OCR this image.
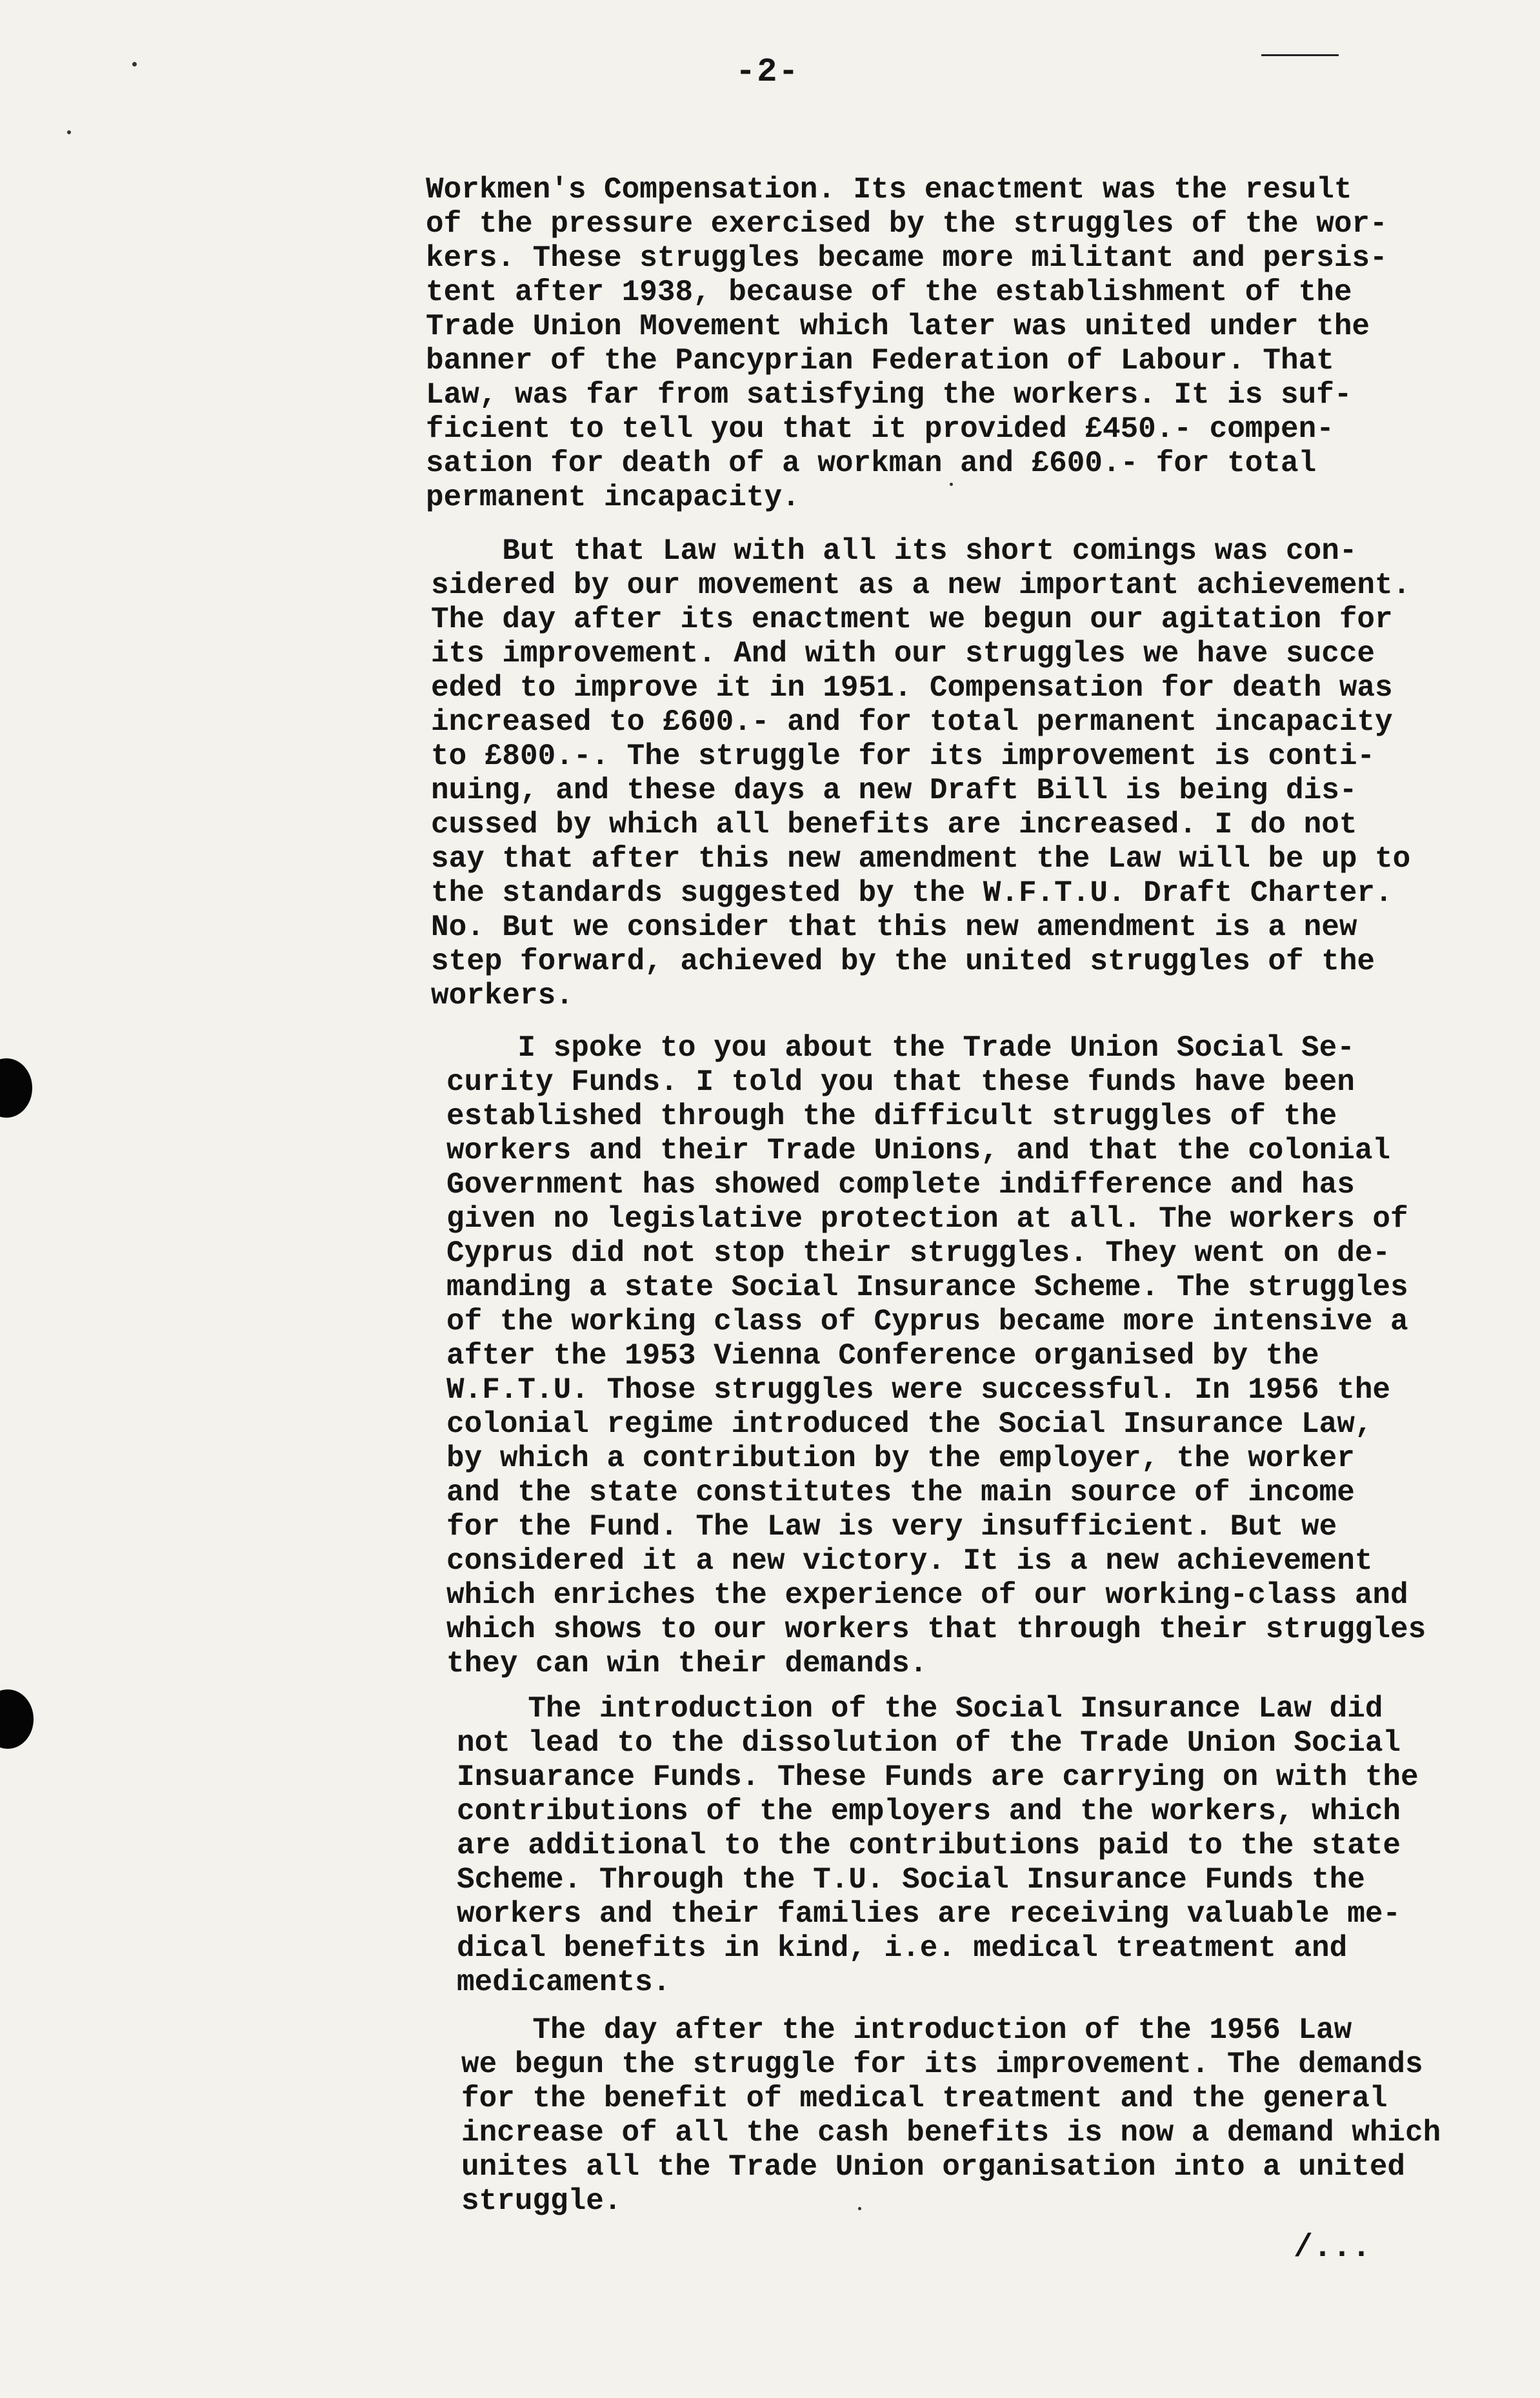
-2-
Workmen's Compensation. Its enactment was the result
of the pressure exercised by the struggles of the wor-
kers. These struggles became more militant and persis-
tent after 1938, because of the establishment of the
Trade Union Movement which later was united under the
banner of the Pancyprian Federation of Labour. That
Law, was far from satisfying the workers. It is suf-
ficient to tell you that it provided £450.- compen-
sation for death of a workman and £600.- for total
permanent incapacity.
But that Law with all its short comings was con-
sidered by our movement as a new important achievement.
The day after its enactment we begun our agitation for
its improvement. And with our struggles we have succe
eded to improve it in 1951. Compensation for death was
increased to £600.- and for total permanent incapacity
to £800.-. The struggle for its improvement is conti-
nuing, and these days a new Draft Bill is being dis-
cussed by which all benefits are increased. I do not
say that after this new amendment the Law will be up to
the standards suggested by the W.F.T.U. Draft Charter.
No. But we consider that this new amendment is a new
step forward, achieved by the united struggles of the
workers.
I spoke to you about the Trade Union Social Se-
curity Funds. I told you that these funds have been
established through the difficult struggles of the
workers and their Trade Unions, and that the colonial
Government has showed complete indifference and has
given no legislative protection at all. The workers of
Cyprus did not stop their struggles. They went on de-
manding a state Social Insurance Scheme. The struggles
of the working class of Cyprus became more intensive a
after the 1953 Vienna Conference organised by the
W.F.T.U. Those struggles were successful. In 1956 the
colonial regime introduced the Social Insurance Law,
by which a contribution by the employer, the worker
and the state constitutes the main source of income
for the Fund. The Law is very insufficient. But we
considered it a new victory. It is a new achievement
which enriches the experience of our working-class and
which shows to our workers that through their struggles
they can win their demands.
The introduction of the Social Insurance Law did
not lead to the dissolution of the Trade Union Social
Insuarance Funds. These Funds are carrying on with the
contributions of the employers and the workers, which
are additional to the contributions paid to the state
Scheme. Through the T.U. Social Insurance Funds the
workers and their families are receiving valuable me-
dical benefits in kind, i.e. medical treatment and
medicaments.
The day after the introduction of the 1956 Law
we begun the struggle for its improvement. The demands
for the benefit of medical treatment and the general
increase of all the cash benefits is now a demand which
unites all the Trade Union organisation into a united
struggle.
/...
